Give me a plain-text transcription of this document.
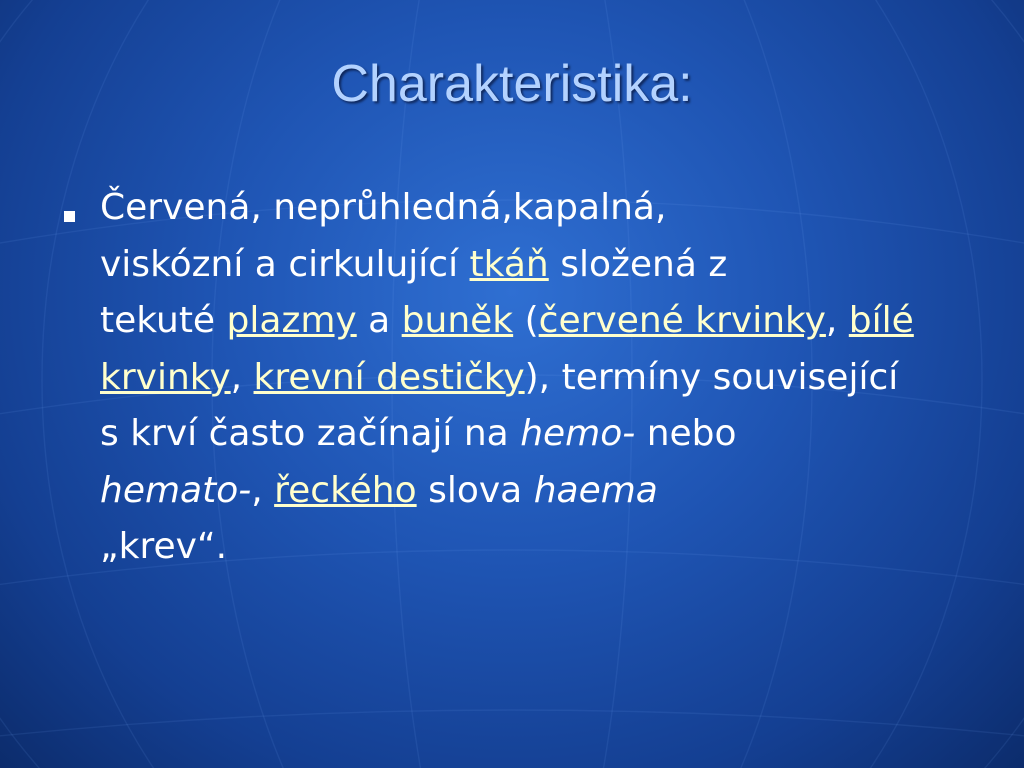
Charakteristika:
Červená, neprůhledná,kapalná,
viskózní a cirkulující tkáň složená z
tekuté plazmy a buněk (červené krvinky, bílé krvinky, krevní destičky), termíny související s krví často začínají na hemo- nebo
hemato-, řeckého slova haema
„krev“.
